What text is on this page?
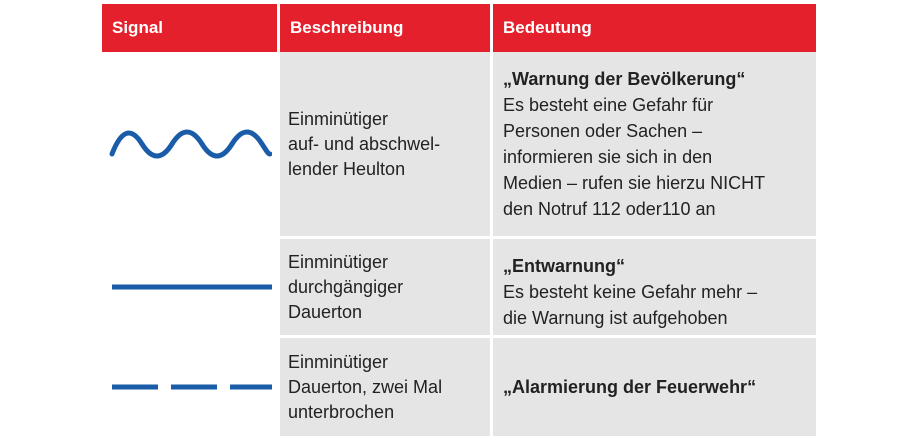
Signal	Beschreibung	Bedeutung
Einminütiger
auf- und abschwel-
lender Heulton
„Warnung der Bevölkerung“
Es besteht eine Gefahr für
Personen oder Sachen –
informieren sie sich in den
Medien – rufen sie hierzu NICHT
den Notruf 112 oder110 an
Einminütiger
durchgängiger
Dauerton
„Entwarnung“
Es besteht keine Gefahr mehr –
die Warnung ist aufgehoben
Einminütiger
Dauerton, zwei Mal
unterbrochen
„Alarmierung der Feuerwehr“
